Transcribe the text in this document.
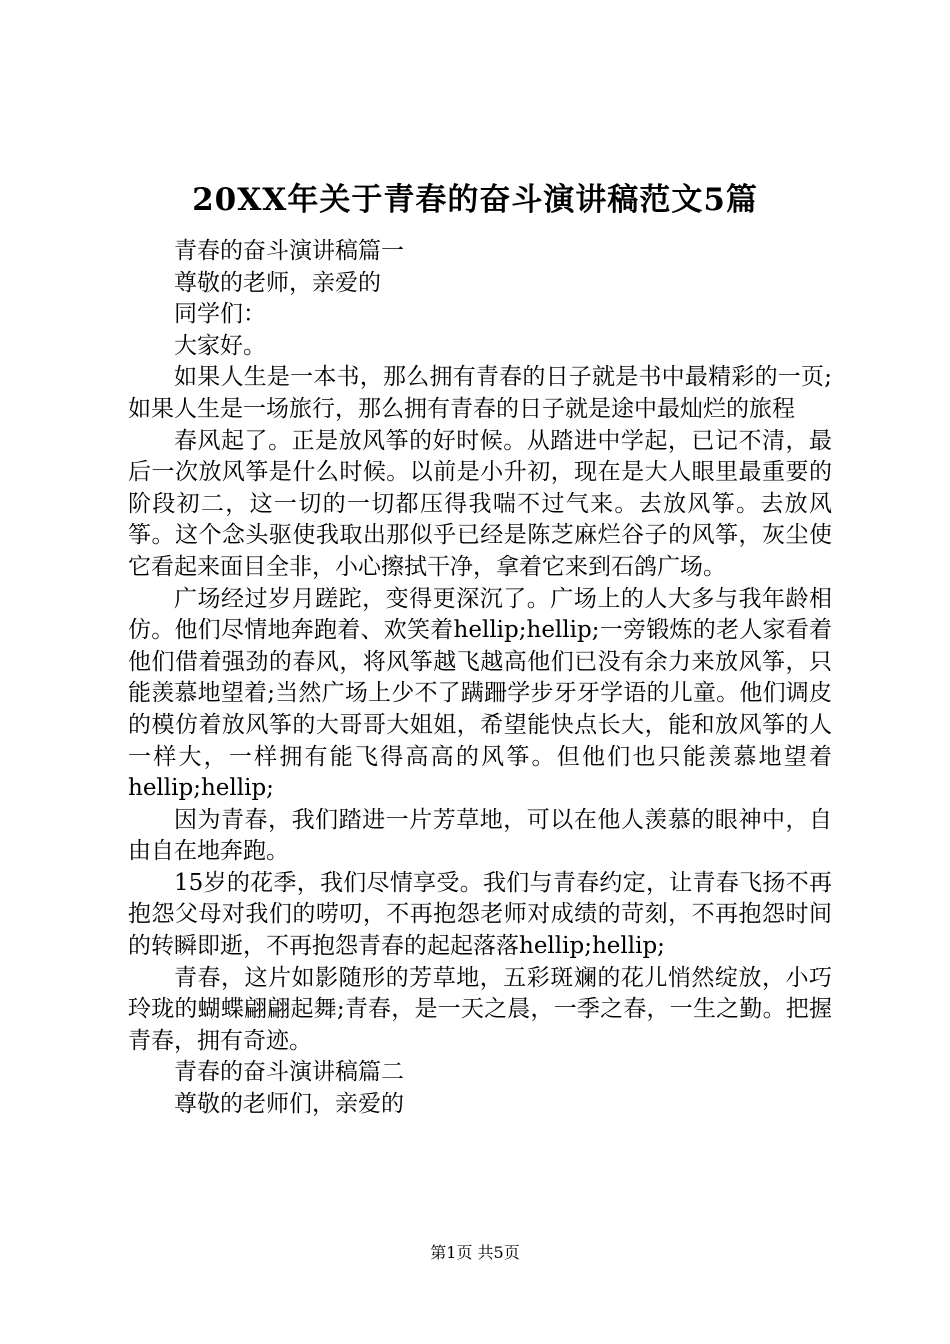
20XX年关于青春的奋斗演讲稿范文5篇

青春的奋斗演讲稿篇一

尊敬的老师，亲爱的

同学们：

大家好。

如果人生是一本书，那么拥有青春的日子就是书中最精彩的一页;如果人生是一场旅行，那么拥有青春的日子就是途中最灿烂的旅程

春风起了。正是放风筝的好时候。从踏进中学起，已记不清，最后一次放风筝是什么时候。以前是小升初，现在是大人眼里最重要的阶段初二，这一切的一切都压得我喘不过气来。去放风筝。去放风筝。这个念头驱使我取出那似乎已经是陈芝麻烂谷子的风筝，灰尘使它看起来面目全非，小心擦拭干净，拿着它来到石鸽广场。

广场经过岁月蹉跎，变得更深沉了。广场上的人大多与我年龄相仿。他们尽情地奔跑着、欢笑着hellip;hellip;一旁锻炼的老人家看着他们借着强劲的春风，将风筝越飞越高他们已没有余力来放风筝，只能羡慕地望着;当然广场上少不了蹒跚学步牙牙学语的儿童。他们调皮的模仿着放风筝的大哥哥大姐姐，希望能快点长大，能和放风筝的人一样大，一样拥有能飞得高高的风筝。但他们也只能羡慕地望着hellip;hellip;

因为青春，我们踏进一片芳草地，可以在他人羡慕的眼神中，自由自在地奔跑。

15岁的花季，我们尽情享受。我们与青春约定，让青春飞扬不再抱怨父母对我们的唠叨，不再抱怨老师对成绩的苛刻，不再抱怨时间的转瞬即逝，不再抱怨青春的起起落落hellip;hellip;

青春，这片如影随形的芳草地，五彩斑斓的花儿悄然绽放，小巧玲珑的蝴蝶翩翩起舞;青春，是一天之晨，一季之春，一生之勤。把握青春，拥有奇迹。

青春的奋斗演讲稿篇二

尊敬的老师们，亲爱的

第1页 共5页
